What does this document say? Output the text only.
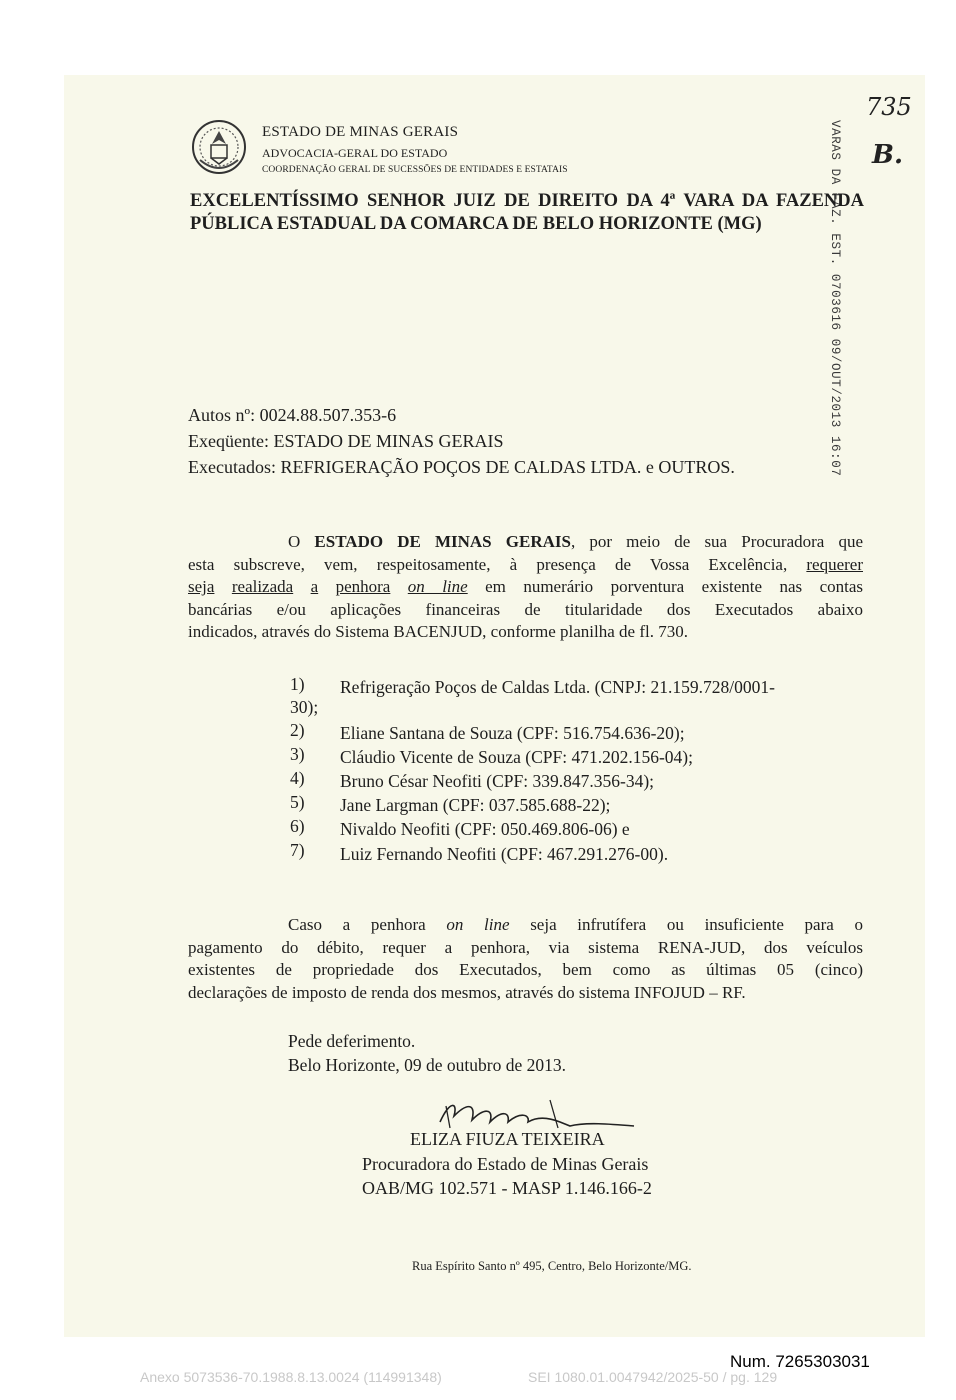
ESTADO DE MINAS GERAIS
ADVOCACIA-GERAL DO ESTADO
COORDENAÇÃO GERAL DE SUCESSÕES DE ENTIDADES E ESTATAIS
735
B.
VARAS DA FAZ. EST. 0703616 09/OUT/2013 16:07
EXCELENTÍSSIMO SENHOR JUIZ DE DIREITO DA 4ª VARA DA FAZENDA PÚBLICA ESTADUAL DA COMARCA DE BELO HORIZONTE (MG)
Autos nº: 0024.88.507.353-6
Exeqüente: ESTADO DE MINAS GERAIS
Executados: REFRIGERAÇÃO POÇOS DE CALDAS LTDA. e OUTROS.
O ESTADO DE MINAS GERAIS, por meio de sua Procuradora que
esta subscreve, vem, respeitosamente, à presença de Vossa Excelência, requerer
seja realizada a penhora on line em numerário porventura existente nas contas
bancárias e/ou aplicações financeiras de titularidade dos Executados abaixo
indicados, através do Sistema BACENJUD, conforme planilha de fl. 730.
1) Refrigeração Poços de Caldas Ltda. (CNPJ: 21.159.728/0001-
30);
2) Eliane Santana de Souza (CPF: 516.754.636-20);
3) Cláudio Vicente de Souza (CPF: 471.202.156-04);
4) Bruno César Neofiti (CPF: 339.847.356-34);
5) Jane Largman (CPF: 037.585.688-22);
6) Nivaldo Neofiti (CPF: 050.469.806-06) e
7) Luiz Fernando Neofiti (CPF: 467.291.276-00).
Caso a penhora on line seja infrutífera ou insuficiente para o
pagamento do débito, requer a penhora, via sistema RENA-JUD, dos veículos
existentes de propriedade dos Executados, bem como as últimas 05 (cinco)
declarações de imposto de renda dos mesmos, através do sistema INFOJUD – RF.
Pede deferimento.
Belo Horizonte, 09 de outubro de 2013.
ELIZA FIUZA TEIXEIRA
Procuradora do Estado de Minas Gerais
OAB/MG 102.571 - MASP 1.146.166-2
Rua Espírito Santo nº 495, Centro, Belo Horizonte/MG.
Num. 7265303031
Anexo 5073536-70.1988.8.13.0024 (114991348)	SEI 1080.01.0047942/2025-50 / pg. 129
